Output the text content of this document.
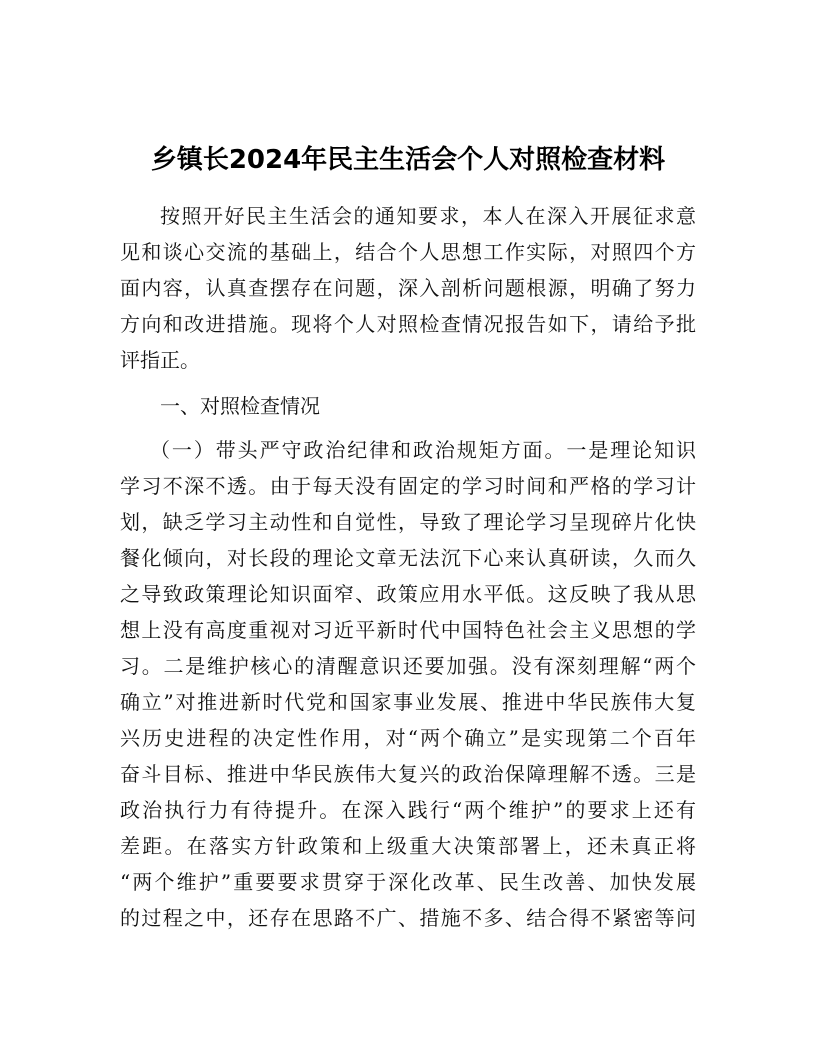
乡镇长2024年民主生活会个人对照检查材料
按照开好民主生活会的通知要求，本人在深入开展征求意
见和谈心交流的基础上，结合个人思想工作实际，对照四个方
面内容，认真查摆存在问题，深入剖析问题根源，明确了努力
方向和改进措施。现将个人对照检查情况报告如下，请给予批
评指正。
一、对照检查情况
（一）带头严守政治纪律和政治规矩方面。一是理论知识
学习不深不透。由于每天没有固定的学习时间和严格的学习计
划，缺乏学习主动性和自觉性，导致了理论学习呈现碎片化快
餐化倾向，对长段的理论文章无法沉下心来认真研读，久而久
之导致政策理论知识面窄、政策应用水平低。这反映了我从思
想上没有高度重视对习近平新时代中国特色社会主义思想的学
习。二是维护核心的清醒意识还要加强。没有深刻理解“两个
确立”对推进新时代党和国家事业发展、推进中华民族伟大复
兴历史进程的决定性作用，对“两个确立”是实现第二个百年
奋斗目标、推进中华民族伟大复兴的政治保障理解不透。三是
政治执行力有待提升。在深入践行“两个维护”的要求上还有
差距。在落实方针政策和上级重大决策部署上，还未真正将
“两个维护”重要要求贯穿于深化改革、民生改善、加快发展
的过程之中，还存在思路不广、措施不多、结合得不紧密等问
